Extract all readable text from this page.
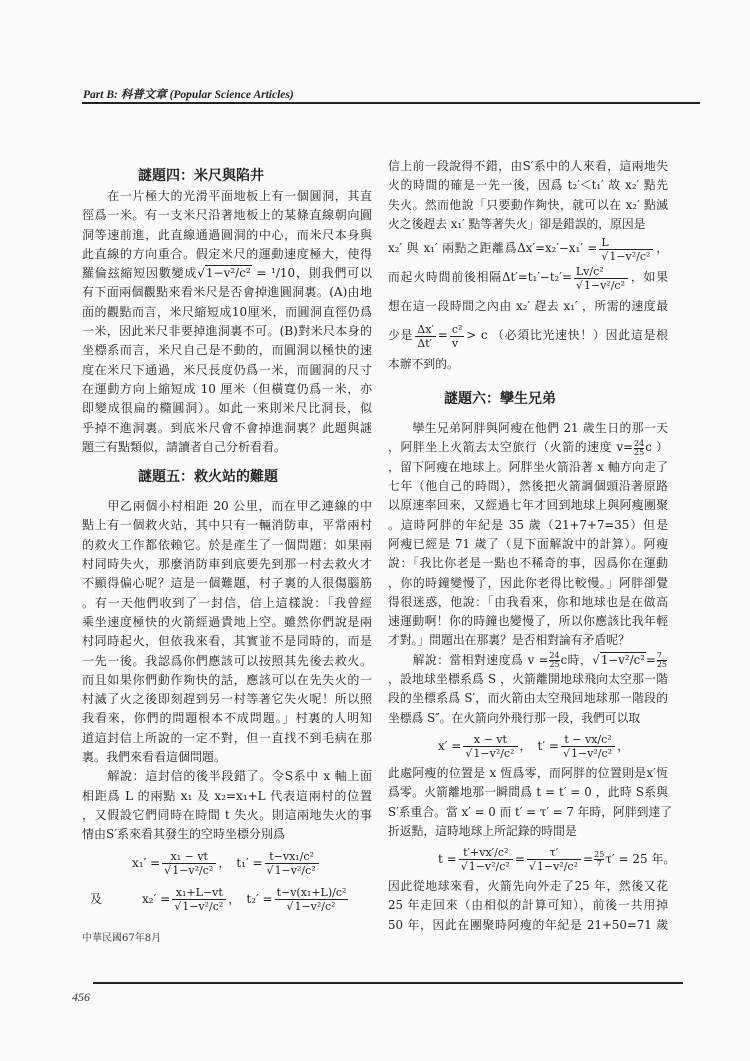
Part B: 科普文章 (Popular Science Articles)
謎題四：米尺與陷井
　　在一片極大的光滑平面地板上有一個圓洞，其直
徑爲一米。有一支米尺沿著地板上的某條直線朝向圓
洞等速前進，此直線通過圓洞的中心，而米尺本身與
此直線的方向重合。假定米尺的運動速度極大，使得
羅倫玆縮短因數變成√1−v²/c² = ¹/10，則我們可以
有下面兩個觀點來看米尺是否會掉進圓洞裏。(A)由地
面的觀點而言，米尺縮短成10厘米，而圓洞直徑仍爲
一米，因此米尺非要掉進洞裏不可。(B)對米尺本身的
坐標系而言，米尺自己是不動的，而圓洞以極快的速
度在米尺下通過，米尺長度仍爲一米，而圓洞的尺寸
在運動方向上縮短成 10 厘米（但橫寬仍爲一米，亦
即變成很扁的橢圓洞）。如此一來則米尺比洞長，似
乎掉不進洞裏。到底米尺會不會掉進洞裏？此題與謎
題三有點類似，請讀者自己分析看看。
謎題五：救火站的難題
　　甲乙兩個小村相距 20 公里，而在甲乙連線的中
點上有一個救火站，其中只有一輛消防車，平常兩村
的救火工作都依賴它。於是產生了一個問題：如果兩
村同時失火，那麼消防車到底要先到那一村去救火才
不顯得偏心呢？這是一個難題，村子裏的人很傷腦筋
。有一天他們收到了一封信，信上這樣說：「我曾經
乘坐速度極快的火箭經過貴地上空。雖然你們說是兩
村同時起火，但依我來看，其實並不是同時的，而是
一先一後。我認爲你們應該可以按照其先後去救火。
而且如果你們動作夠快的話，應該可以在先失火的一
村滅了火之後即刻趕到另一村等著它失火呢！所以照
我看來，你們的問題根本不成問題。」村裏的人明知
道這封信上所說的一定不對，但一直找不到毛病在那
裏。我們來看看這個問題。
　　解說：這封信的後半段錯了。令S系中 x 軸上面
相距爲 L 的兩點 x₁ 及 x₂=x₁+L 代表這兩村的位置
，又假設它們同時在時間 t 失火。則這兩地失火的事
情由S′系來看其發生的空時坐標分別爲
$x_1' = \frac{\text{x₁ − vt}}{\text{√1−v²/c²}}$ ，　$t_1' = \frac{\text{t−vx₁/c²}}{\text{√1−v²/c²}}$
及	$x_2' = \frac{\text{x₁+L−vt}}{\text{√1−v²/c²}}$ ，　$t_2' = \frac{\text{t−v(x₁+L)/c²}}{\text{√1−v²/c²}}$
中華民國67年8月
信上前一段說得不錯，由S′系中的人來看，這兩地失
火的時間的確是一先一後，因爲 t₂′＜t₁′ 故 x₂′ 點先
失火。然而他說「只要動作夠快，就可以在 x₂′ 點滅
火之後趕去 x₁′ 點等著失火」卻是錯誤的，原因是
x₂′ 與 x₁′ 兩點之距離爲$\Delta x'=x_2'-x_1' = \frac{L}{\text{√1−v²/c²}}$ ，
而起火時間前後相隔$\Delta t'=t_1'-t_2'= \frac{\text{Lv/c²}}{\text{√1−v²/c²}}$ ，如果
想在這一段時間之內由 x₂′ 趕去 x₁′ ，所需的速度最
少是 $\frac{\Delta x'}{\Delta t'} = \frac{\text{c²}}{v} > c$ （必須比光速快！）因此這是根
本辦不到的。
謎題六：孿生兄弟
　　孿生兄弟阿胖與阿瘦在他們 21 歲生日的那一天
，阿胖坐上火箭去太空旅行（火箭的速度 $v= \frac{24}{25}$ c ）
，留下阿瘦在地球上。阿胖坐火箭沿著 x 軸方向走了
七年（他自己的時間），然後把火箭調個頭沿著原路
以原速率回來，又經過七年才回到地球上與阿瘦團聚
。這時阿胖的年紀是 35 歲（21+7+7=35）但是
阿瘦已經是 71 歲了（見下面解說中的計算）。阿瘦
說：「我比你老是一點也不稀奇的事，因爲你在運動
，你的時鐘變慢了，因此你老得比較慢。」阿胖卻覺
得很迷惑，他說：「由我看來，你和地球也是在做高
速運動啊！你的時鐘也變慢了，所以你應該比我年輕
才對。」問題出在那裏？是否相對論有矛盾呢？
　　解說：當相對速度爲 $v = \frac{24}{25}$ c時，$√1-v^2/c^2= \frac{7}{25}$
，設地球坐標系爲 S ，火箭離開地球飛向太空那一階
段的坐標系爲 S′，而火箭由太空飛回地球那一階段的
坐標爲 S″。在火箭向外飛行那一段，我們可以取
$x' = \frac{x - vt}{\text{√1−v²/c²}}$ ，　$t' = \frac{\text{t − vx/c²}}{\text{√1−v²/c²}}$ ，
此處阿瘦的位置是 x 恆爲零，而阿胖的位置則是x′恆
爲零。火箭離地那一瞬間爲 t = t′ = 0 ，此時 S系與
S′系重合。當 x′ = 0 而 t′ = τ′ = 7 年時，阿胖到達了
折返點，這時地球上所記錄的時間是
$t = \frac{\text{t′+vx′/c²}}{\text{√1−v²/c²}} = \frac{\tau'}{\text{√1−v²/c²}} = \frac{25}{7} \tau' = 25$ 年。
因此從地球來看，火箭先向外走了25 年，然後又花
25 年走回來（由相似的計算可知），前後一共用掉
50 年，因此在團聚時阿瘦的年紀是 21+50=71 歲
456
